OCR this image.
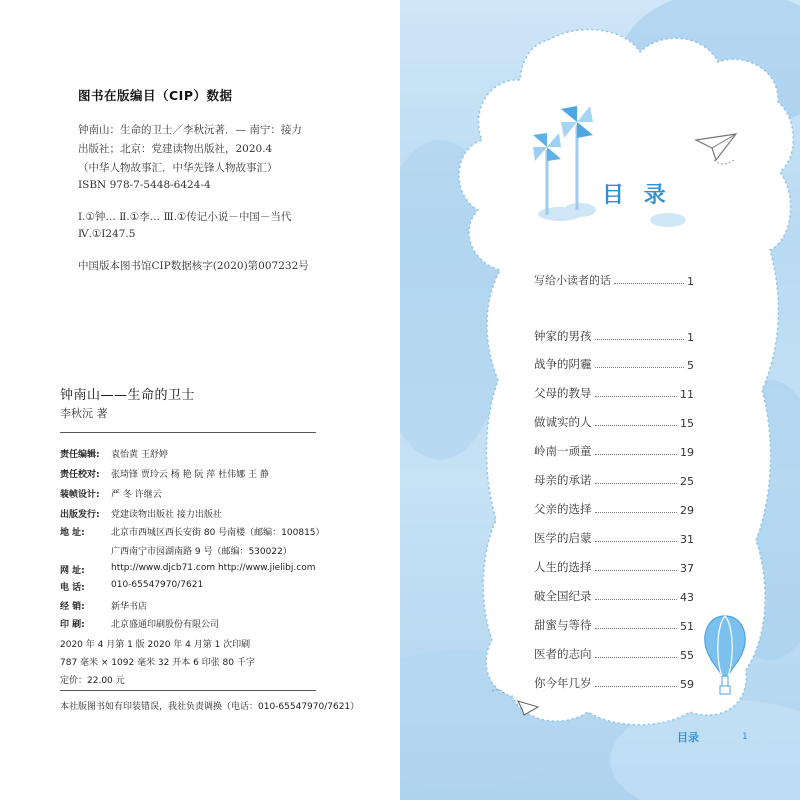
图书在版编目（CIP）数据
钟南山：生命的卫士／李秋沅著．— 南宁：接力
出版社；北京：党建读物出版社，2020.4
（中华人物故事汇．中华先锋人物故事汇）
ISBN 978-7-5448-6424-4
Ⅰ.①钟… Ⅱ.①李… Ⅲ.①传记小说－中国－当代
Ⅳ.①I247.5
中国版本图书馆CIP数据核字(2020)第007232号
钟南山——生命的卫士
李秋沅 著
责任编辑: 袁怡黄 王舒婷
责任校对: 张琦锋 贾玲云 杨 艳 阮 萍 杜伟娜 王 静
装帧设计: 严 冬 许继云
出版发行: 党建读物出版社 接力出版社
地 址:	北京市西城区西长安街 80 号南楼（邮编：100815）
广西南宁市园湖南路 9 号（邮编：530022）
网 址:	http://www.djcb71.com http://www.jielibj.com
电 话:	010-65547970/7621
经 销:	新华书店
印 刷:	北京盛通印刷股份有限公司
2020 年 4 月第 1 版 2020 年 4 月第 1 次印刷
787 毫米 × 1092 毫米 32 开本 6 印张 80 千字
定价：22.00 元
本社版图书如有印装错误，我社负责调换（电话：010-65547970/7621）
目 录
写给小读者的话	1
钟家的男孩	1
战争的阴霾	5
父母的教导	11
做诚实的人	15
岭南一顽童	19
母亲的承诺	25
父亲的选择	29
医学的启蒙	31
人生的选择	37
破全国纪录	43
甜蜜与等待	51
医者的志向	55
你今年几岁	59
目录	1
